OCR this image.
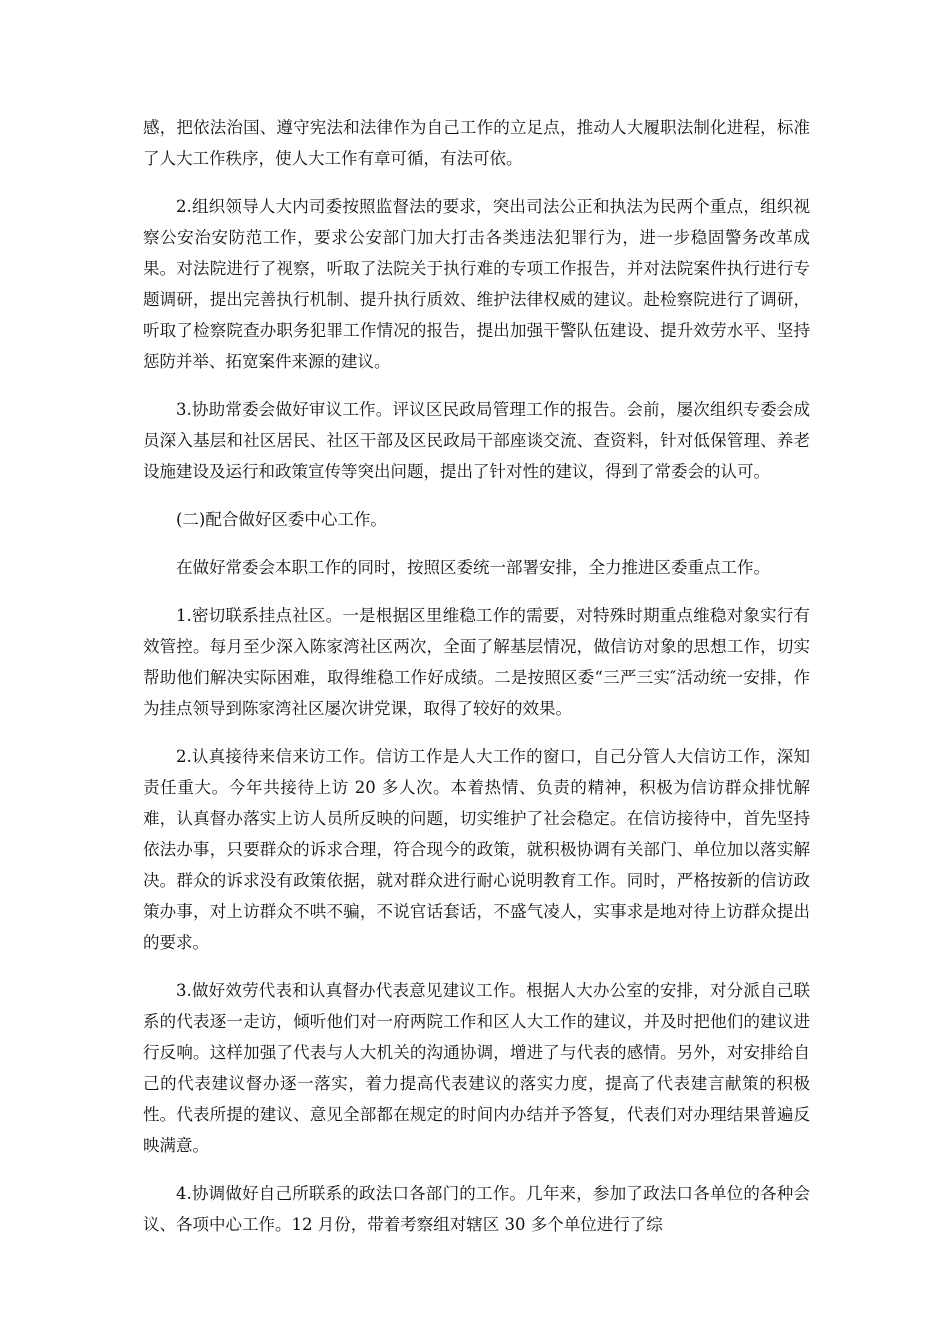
感，把依法治国、遵守宪法和法律作为自己工作的立足点，推动人大履职法制化进程，标准了人大工作秩序，使人大工作有章可循，有法可依。

2.组织领导人大内司委按照监督法的要求，突出司法公正和执法为民两个重点，组织视察公安治安防范工作，要求公安部门加大打击各类违法犯罪行为，进一步稳固警务改革成果。对法院进行了视察，听取了法院关于执行难的专项工作报告，并对法院案件执行进行专题调研，提出完善执行机制、提升执行质效、维护法律权威的建议。赴检察院进行了调研，听取了检察院查办职务犯罪工作情况的报告，提出加强干警队伍建设、提升效劳水平、坚持惩防并举、拓宽案件来源的建议。

3.协助常委会做好审议工作。评议区民政局管理工作的报告。会前，屡次组织专委会成员深入基层和社区居民、社区干部及区民政局干部座谈交流、查资料，针对低保管理、养老设施建设及运行和政策宣传等突出问题，提出了针对性的建议，得到了常委会的认可。

(二)配合做好区委中心工作。

在做好常委会本职工作的同时，按照区委统一部署安排，全力推进区委重点工作。

1.密切联系挂点社区。一是根据区里维稳工作的需要，对特殊时期重点维稳对象实行有效管控。每月至少深入陈家湾社区两次，全面了解基层情况，做信访对象的思想工作，切实帮助他们解决实际困难，取得维稳工作好成绩。二是按照区委“三严三实″活动统一安排，作为挂点领导到陈家湾社区屡次讲党课，取得了较好的效果。

2.认真接待来信来访工作。信访工作是人大工作的窗口，自己分管人大信访工作，深知责任重大。今年共接待上访 20 多人次。本着热情、负责的精神，积极为信访群众排忧解难，认真督办落实上访人员所反映的问题，切实维护了社会稳定。在信访接待中，首先坚持依法办事，只要群众的诉求合理，符合现今的政策，就积极协调有关部门、单位加以落实解决。群众的诉求没有政策依据，就对群众进行耐心说明教育工作。同时，严格按新的信访政策办事，对上访群众不哄不骗，不说官话套话，不盛气凌人，实事求是地对待上访群众提出的要求。

3.做好效劳代表和认真督办代表意见建议工作。根据人大办公室的安排，对分派自己联系的代表逐一走访，倾听他们对一府两院工作和区人大工作的建议，并及时把他们的建议进行反响。这样加强了代表与人大机关的沟通协调，增进了与代表的感情。另外，对安排给自己的代表建议督办逐一落实，着力提高代表建议的落实力度，提高了代表建言献策的积极性。代表所提的建议、意见全部都在规定的时间内办结并予答复，代表们对办理结果普遍反映满意。

4.协调做好自己所联系的政法口各部门的工作。几年来，参加了政法口各单位的各种会议、各项中心工作。12 月份，带着考察组对辖区 30 多个单位进行了综
